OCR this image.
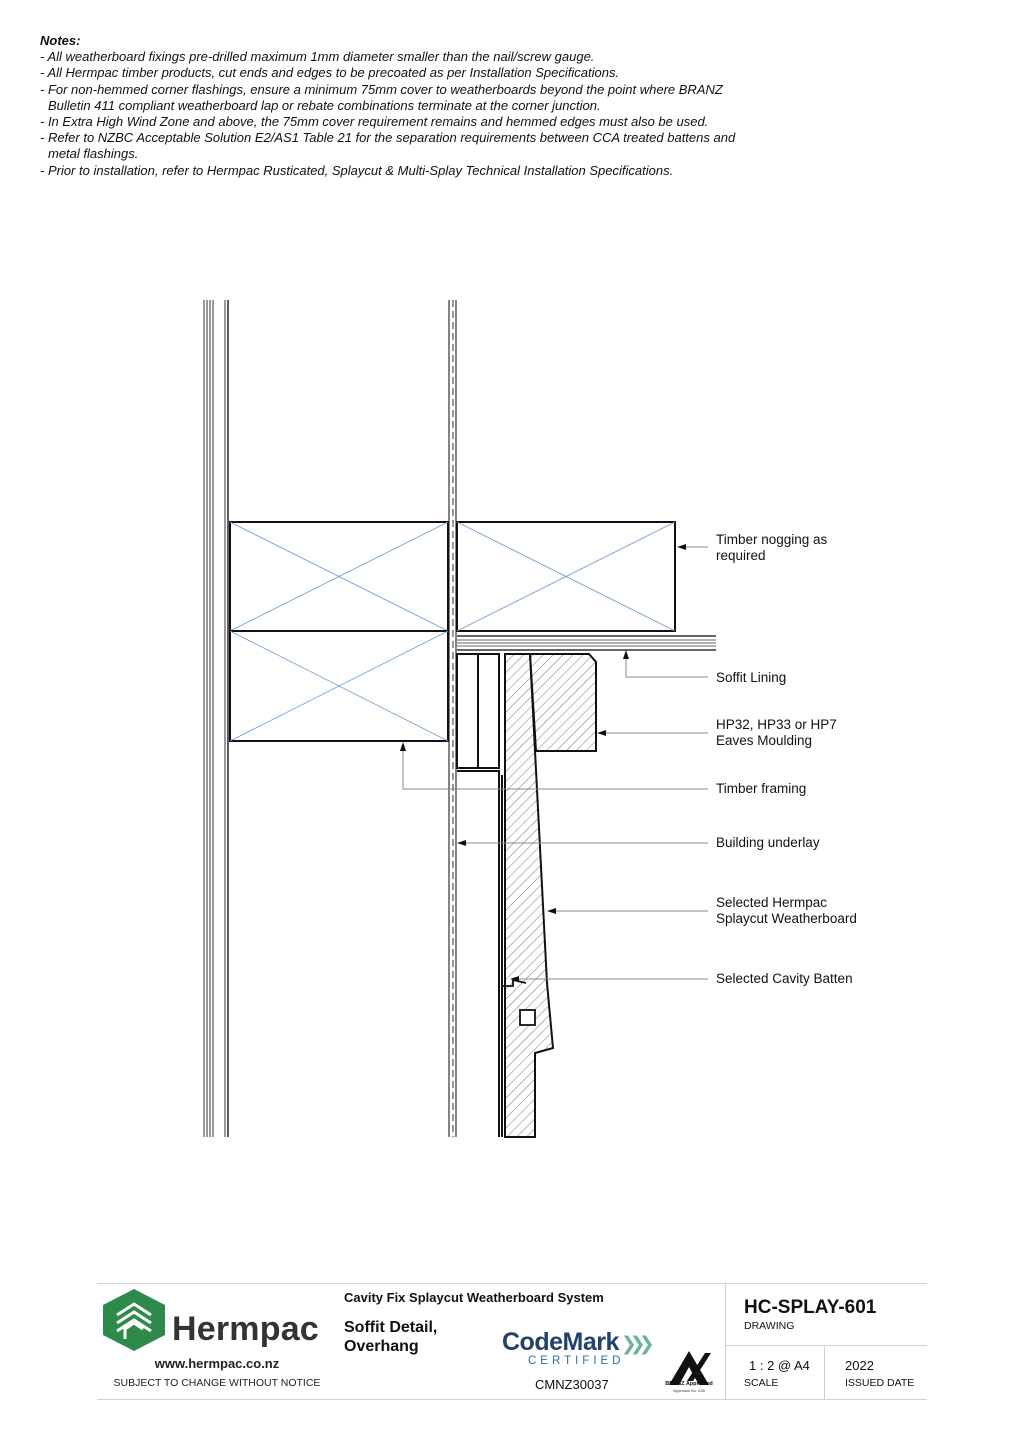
Notes:
- All weatherboard fixings pre-drilled maximum 1mm diameter smaller than the nail/screw gauge.
- All Hermpac timber products, cut ends and edges to be precoated as per Installation Specifications.
- For non-hemmed corner flashings, ensure a minimum 75mm cover to weatherboards beyond the point where BRANZ Bulletin 411 compliant weatherboard lap or rebate combinations terminate at the corner junction.
- In Extra High Wind Zone and above, the 75mm cover requirement remains and hemmed edges must also be used.
- Refer to NZBC Acceptable Solution E2/AS1 Table 21 for the separation requirements between CCA treated battens and metal flashings.
- Prior to installation, refer to Hermpac Rusticated, Splaycut & Multi-Splay Technical Installation Specifications.
Timber nogging as
required
Soffit Lining
HP32, HP33 or HP7
Eaves Moulding
Timber framing
Building underlay
Selected Hermpac
Splaycut Weatherboard
Selected Cavity Batten
Hermpac
www.hermpac.co.nz
SUBJECT TO CHANGE WITHOUT NOTICE
Cavity Fix Splaycut Weatherboard System
Soffit Detail,
Overhang	CodeMark ❯❯❯
CERTIFIED
CMNZ30037	BRANZ Appraised
Appraisal No. 638
HC-SPLAY-601
DRAWING
1 : 2 @ A4
SCALE
2022
ISSUED DATE
